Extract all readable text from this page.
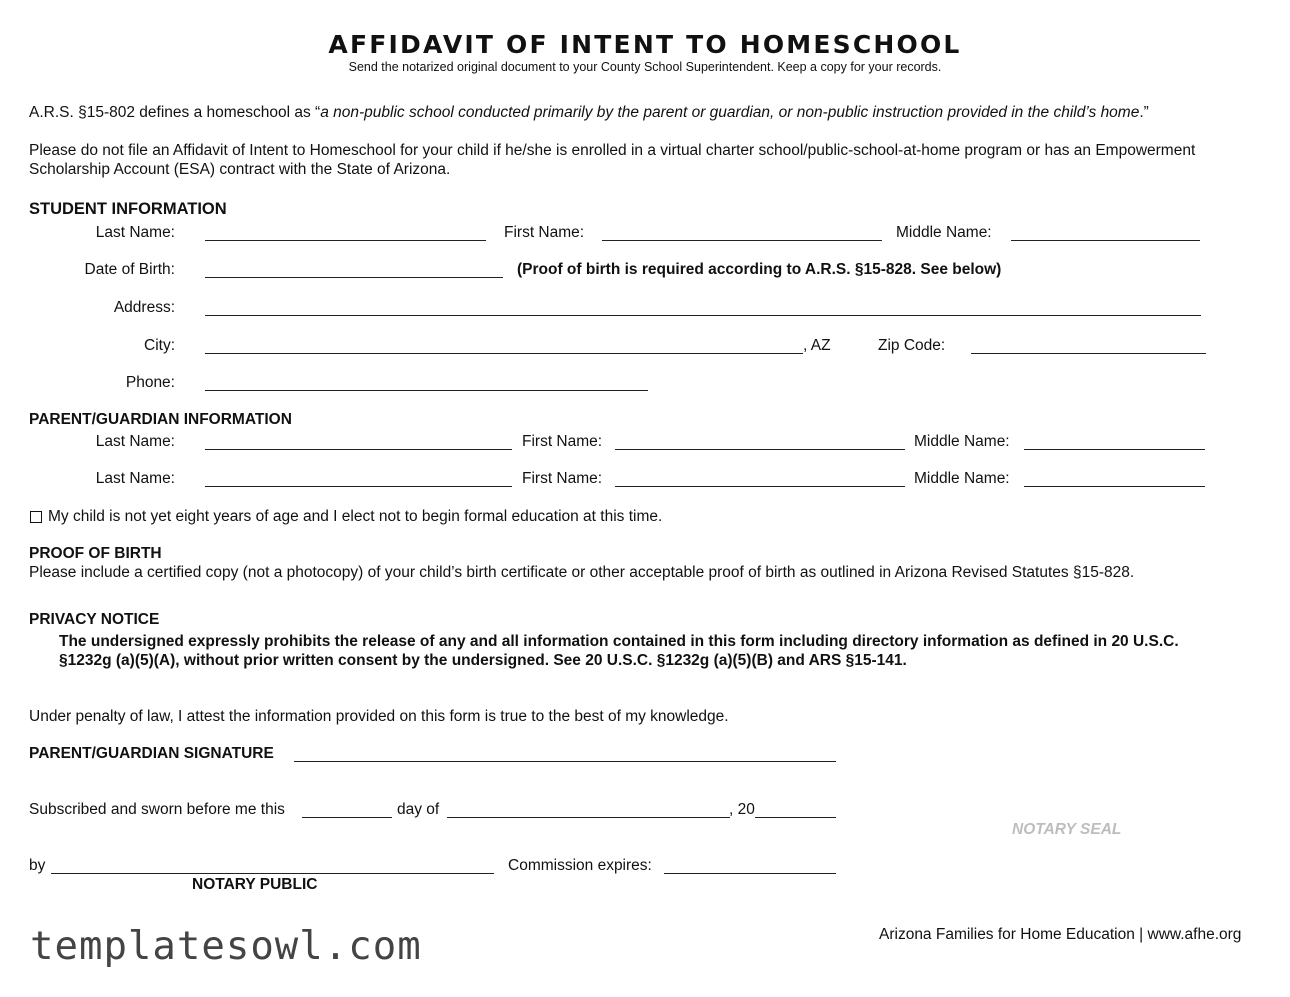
AFFIDAVIT OF INTENT TO HOMESCHOOL
Send the notarized original document to your County School Superintendent. Keep a copy for your records.
A.R.S. §15-802 defines a homeschool as “a non-public school conducted primarily by the parent or guardian, or non-public instruction provided in the child’s home.”
Please do not file an Affidavit of Intent to Homeschool for your child if he/she is enrolled in a virtual charter school/public-school-at-home program or has an Empowerment
Scholarship Account (ESA) contract with the State of Arizona.
STUDENT INFORMATION
Last Name:	First Name:	Middle Name:
Date of Birth:	(Proof of birth is required according to A.R.S. §15-828. See below)
Address:
City:	, AZ	Zip Code:
Phone:
PARENT/GUARDIAN INFORMATION
Last Name:	First Name:	Middle Name:
Last Name:	First Name:	Middle Name:
My child is not yet eight years of age and I elect not to begin formal education at this time.
PROOF OF BIRTH
Please include a certified copy (not a photocopy) of your child’s birth certificate or other acceptable proof of birth as outlined in Arizona Revised Statutes §15-828.
PRIVACY NOTICE
The undersigned expressly prohibits the release of any and all information contained in this form including directory information as defined in 20 U.S.C.
§1232g (a)(5)(A), without prior written consent by the undersigned. See 20 U.S.C. §1232g (a)(5)(B) and ARS §15-141.
Under penalty of law, I attest the information provided on this form is true to the best of my knowledge.
PARENT/GUARDIAN SIGNATURE
Subscribed and sworn before me this	day of	, 20
NOTARY SEAL
by	Commission expires:
NOTARY PUBLIC
templatesowl.com	Arizona Families for Home Education | www.afhe.org
